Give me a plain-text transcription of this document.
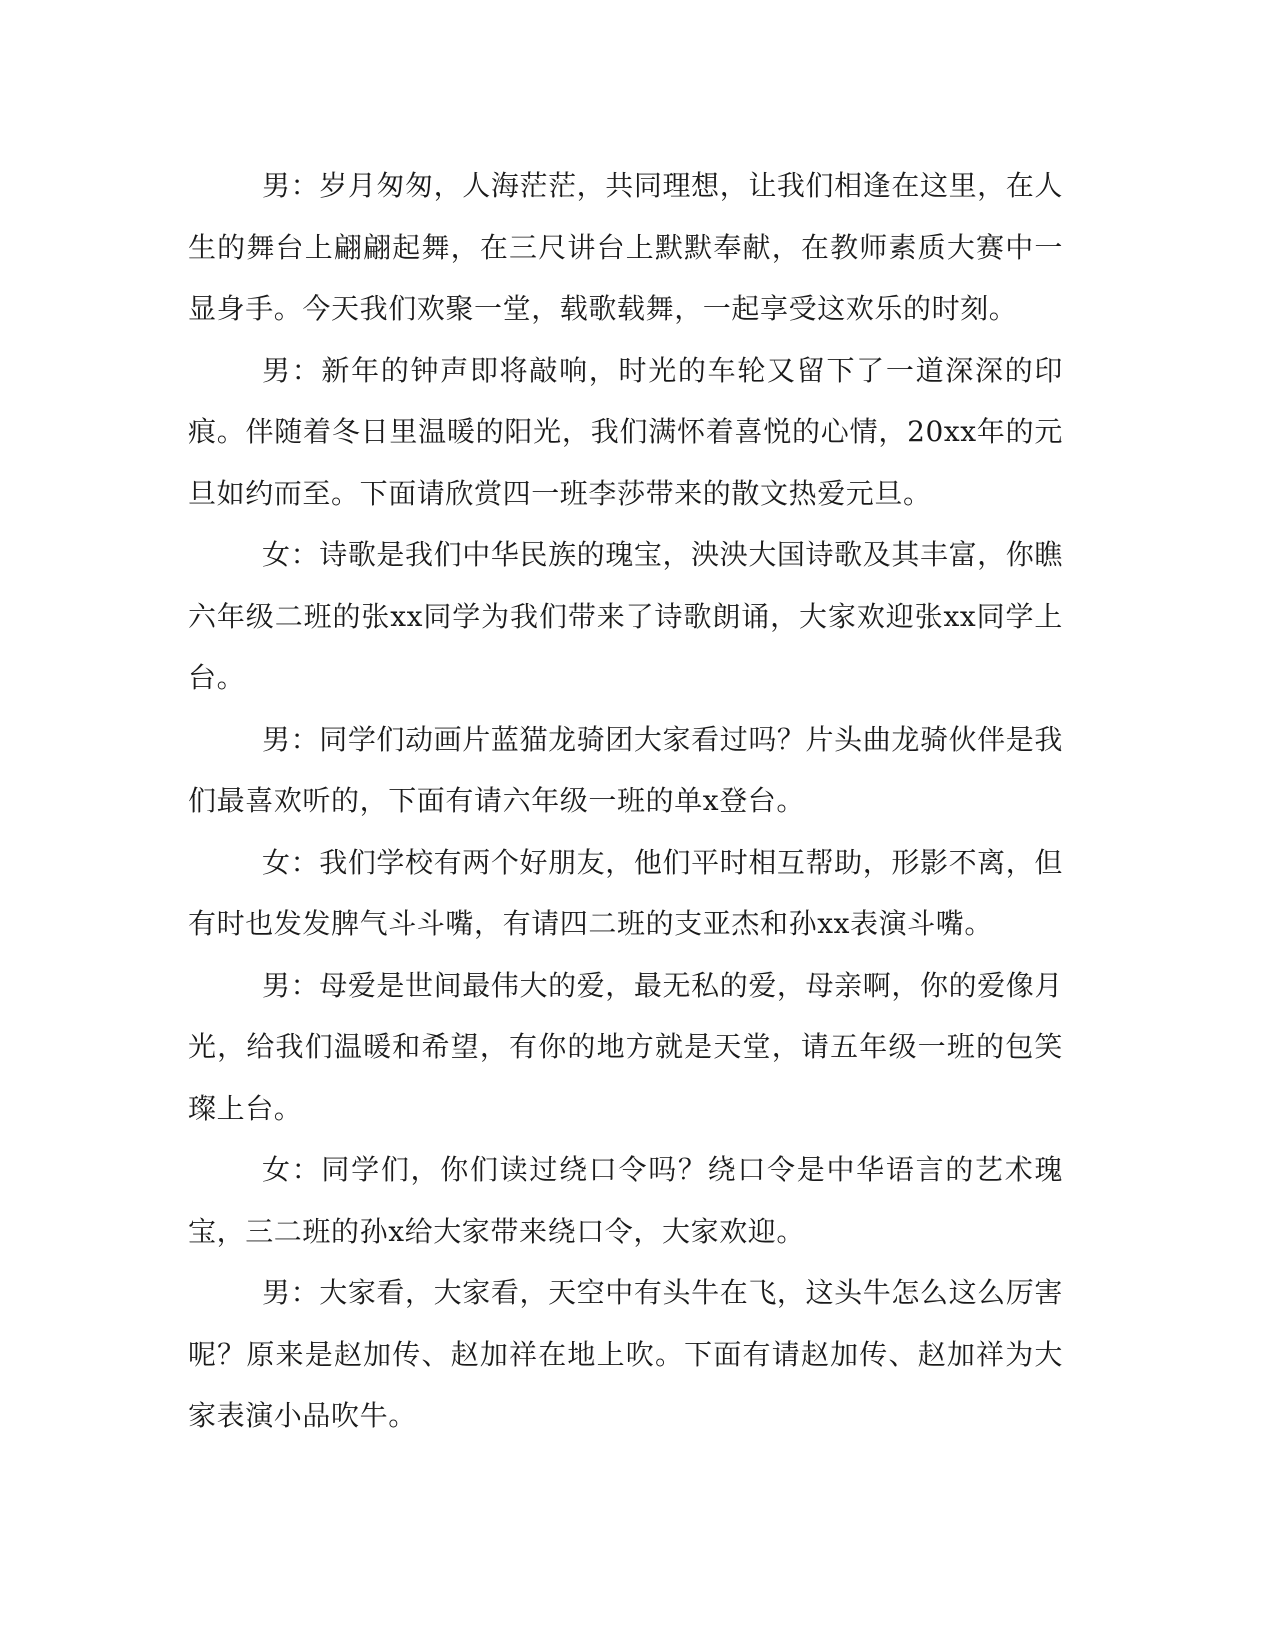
男：岁月匆匆，人海茫茫，共同理想，让我们相逢在这里，在人生的舞台上翩翩起舞，在三尺讲台上默默奉献，在教师素质大赛中一显身手。今天我们欢聚一堂，载歌载舞，一起享受这欢乐的时刻。

男：新年的钟声即将敲响，时光的车轮又留下了一道深深的印痕。伴随着冬日里温暖的阳光，我们满怀着喜悦的心情，20xx年的元旦如约而至。下面请欣赏四一班李莎带来的散文热爱元旦。

女：诗歌是我们中华民族的瑰宝，泱泱大国诗歌及其丰富，你瞧六年级二班的张xx同学为我们带来了诗歌朗诵，大家欢迎张xx同学上台。

男：同学们动画片蓝猫龙骑团大家看过吗？片头曲龙骑伙伴是我们最喜欢听的，下面有请六年级一班的单x登台。

女：我们学校有两个好朋友，他们平时相互帮助，形影不离，但有时也发发脾气斗斗嘴，有请四二班的支亚杰和孙xx表演斗嘴。

男：母爱是世间最伟大的爱，最无私的爱，母亲啊，你的爱像月光，给我们温暖和希望，有你的地方就是天堂，请五年级一班的包笑璨上台。

女：同学们，你们读过绕口令吗？绕口令是中华语言的艺术瑰宝，三二班的孙x给大家带来绕口令，大家欢迎。

男：大家看，大家看，天空中有头牛在飞，这头牛怎么这么厉害呢？原来是赵加传、赵加祥在地上吹。下面有请赵加传、赵加祥为大家表演小品吹牛。
